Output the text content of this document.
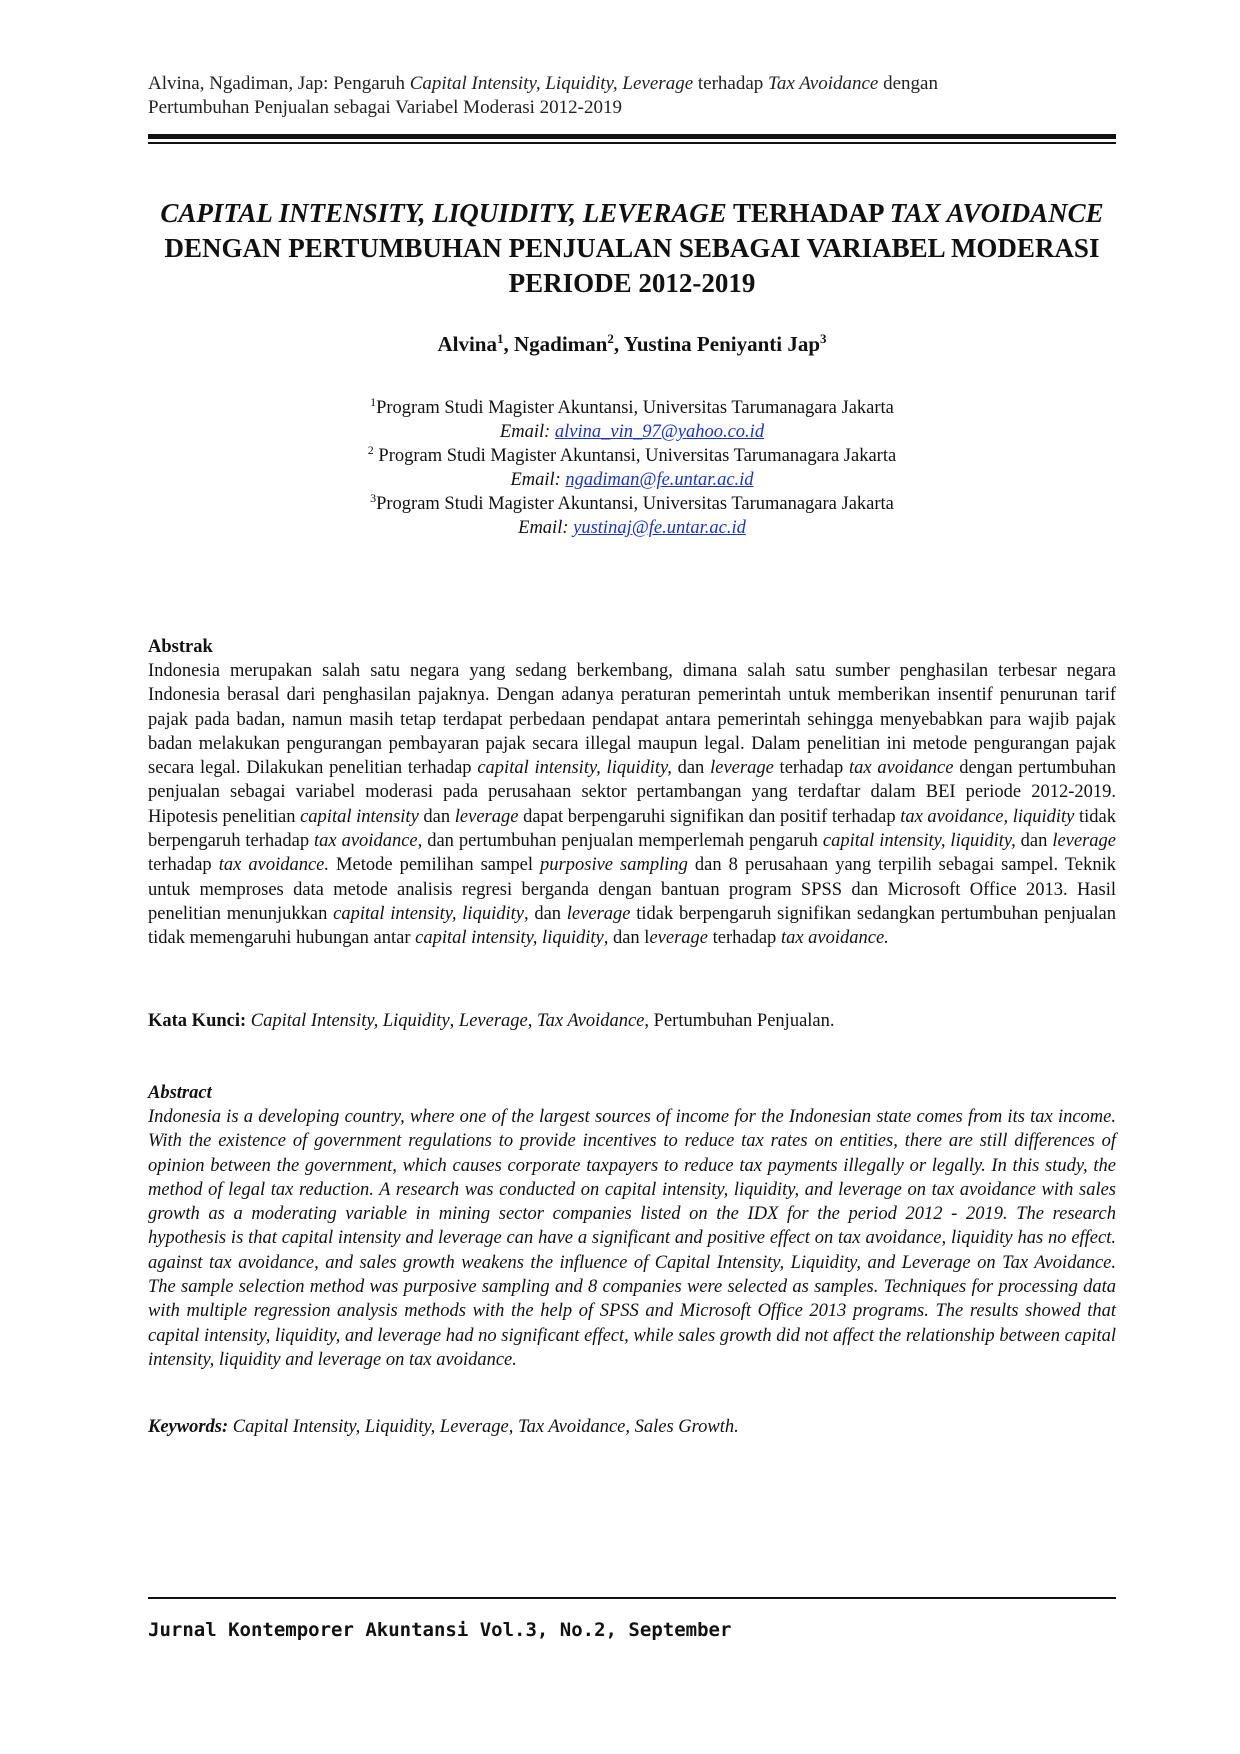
Alvina, Ngadiman, Jap: Pengaruh Capital Intensity, Liquidity, Leverage terhadap Tax Avoidance dengan
Pertumbuhan Penjualan sebagai Variabel Moderasi 2012-2019
CAPITAL INTENSITY, LIQUIDITY, LEVERAGE TERHADAP TAX AVOIDANCE DENGAN PERTUMBUHAN PENJUALAN SEBAGAI VARIABEL MODERASI PERIODE 2012-2019
Alvina$^1$, Ngadiman$^2$, Yustina Peniyanti Jap$^3$
$^1$Program Studi Magister Akuntansi, Universitas Tarumanagara Jakarta
Email: alvina_vin_97@yahoo.co.id
$^2$ Program Studi Magister Akuntansi, Universitas Tarumanagara Jakarta
Email: ngadiman@fe.untar.ac.id
$^3$Program Studi Magister Akuntansi, Universitas Tarumanagara Jakarta
Email: yustinaj@fe.untar.ac.id
Abstrak
Indonesia merupakan salah satu negara yang sedang berkembang, dimana salah satu sumber penghasilan terbesar negara Indonesia berasal dari penghasilan pajaknya. Dengan adanya peraturan pemerintah untuk memberikan insentif penurunan tarif pajak pada badan, namun masih tetap terdapat perbedaan pendapat antara pemerintah sehingga menyebabkan para wajib pajak badan melakukan pengurangan pembayaran pajak secara illegal maupun legal. Dalam penelitian ini metode pengurangan pajak secara legal. Dilakukan penelitian terhadap capital intensity, liquidity, dan leverage terhadap tax avoidance dengan pertumbuhan penjualan sebagai variabel moderasi pada perusahaan sektor pertambangan yang terdaftar dalam BEI periode 2012-2019. Hipotesis penelitian capital intensity dan leverage dapat berpengaruhi signifikan dan positif terhadap tax avoidance, liquidity tidak berpengaruh terhadap tax avoidance, dan pertumbuhan penjualan memperlemah pengaruh capital intensity, liquidity, dan leverage terhadap tax avoidance. Metode pemilihan sampel purposive sampling dan 8 perusahaan yang terpilih sebagai sampel. Teknik untuk memproses data metode analisis regresi berganda dengan bantuan program SPSS dan Microsoft Office 2013. Hasil penelitian menunjukkan capital intensity, liquidity, dan leverage tidak berpengaruh signifikan sedangkan pertumbuhan penjualan tidak memengaruhi hubungan antar capital intensity, liquidity, dan leverage terhadap tax avoidance.
Kata Kunci: Capital Intensity, Liquidity, Leverage, Tax Avoidance, Pertumbuhan Penjualan.
Abstract
Indonesia is a developing country, where one of the largest sources of income for the Indonesian state comes from its tax income. With the existence of government regulations to provide incentives to reduce tax rates on entities, there are still differences of opinion between the government, which causes corporate taxpayers to reduce tax payments illegally or legally. In this study, the method of legal tax reduction. A research was conducted on capital intensity, liquidity, and leverage on tax avoidance with sales growth as a moderating variable in mining sector companies listed on the IDX for the period 2012 - 2019. The research hypothesis is that capital intensity and leverage can have a significant and positive effect on tax avoidance, liquidity has no effect. against tax avoidance, and sales growth weakens the influence of Capital Intensity, Liquidity, and Leverage on Tax Avoidance. The sample selection method was purposive sampling and 8 companies were selected as samples. Techniques for processing data with multiple regression analysis methods with the help of SPSS and Microsoft Office 2013 programs. The results showed that capital intensity, liquidity, and leverage had no significant effect, while sales growth did not affect the relationship between capital intensity, liquidity and leverage on tax avoidance.
Keywords: Capital Intensity, Liquidity, Leverage, Tax Avoidance, Sales Growth.
Jurnal Kontemporer Akuntansi Vol.3, No.2, September
